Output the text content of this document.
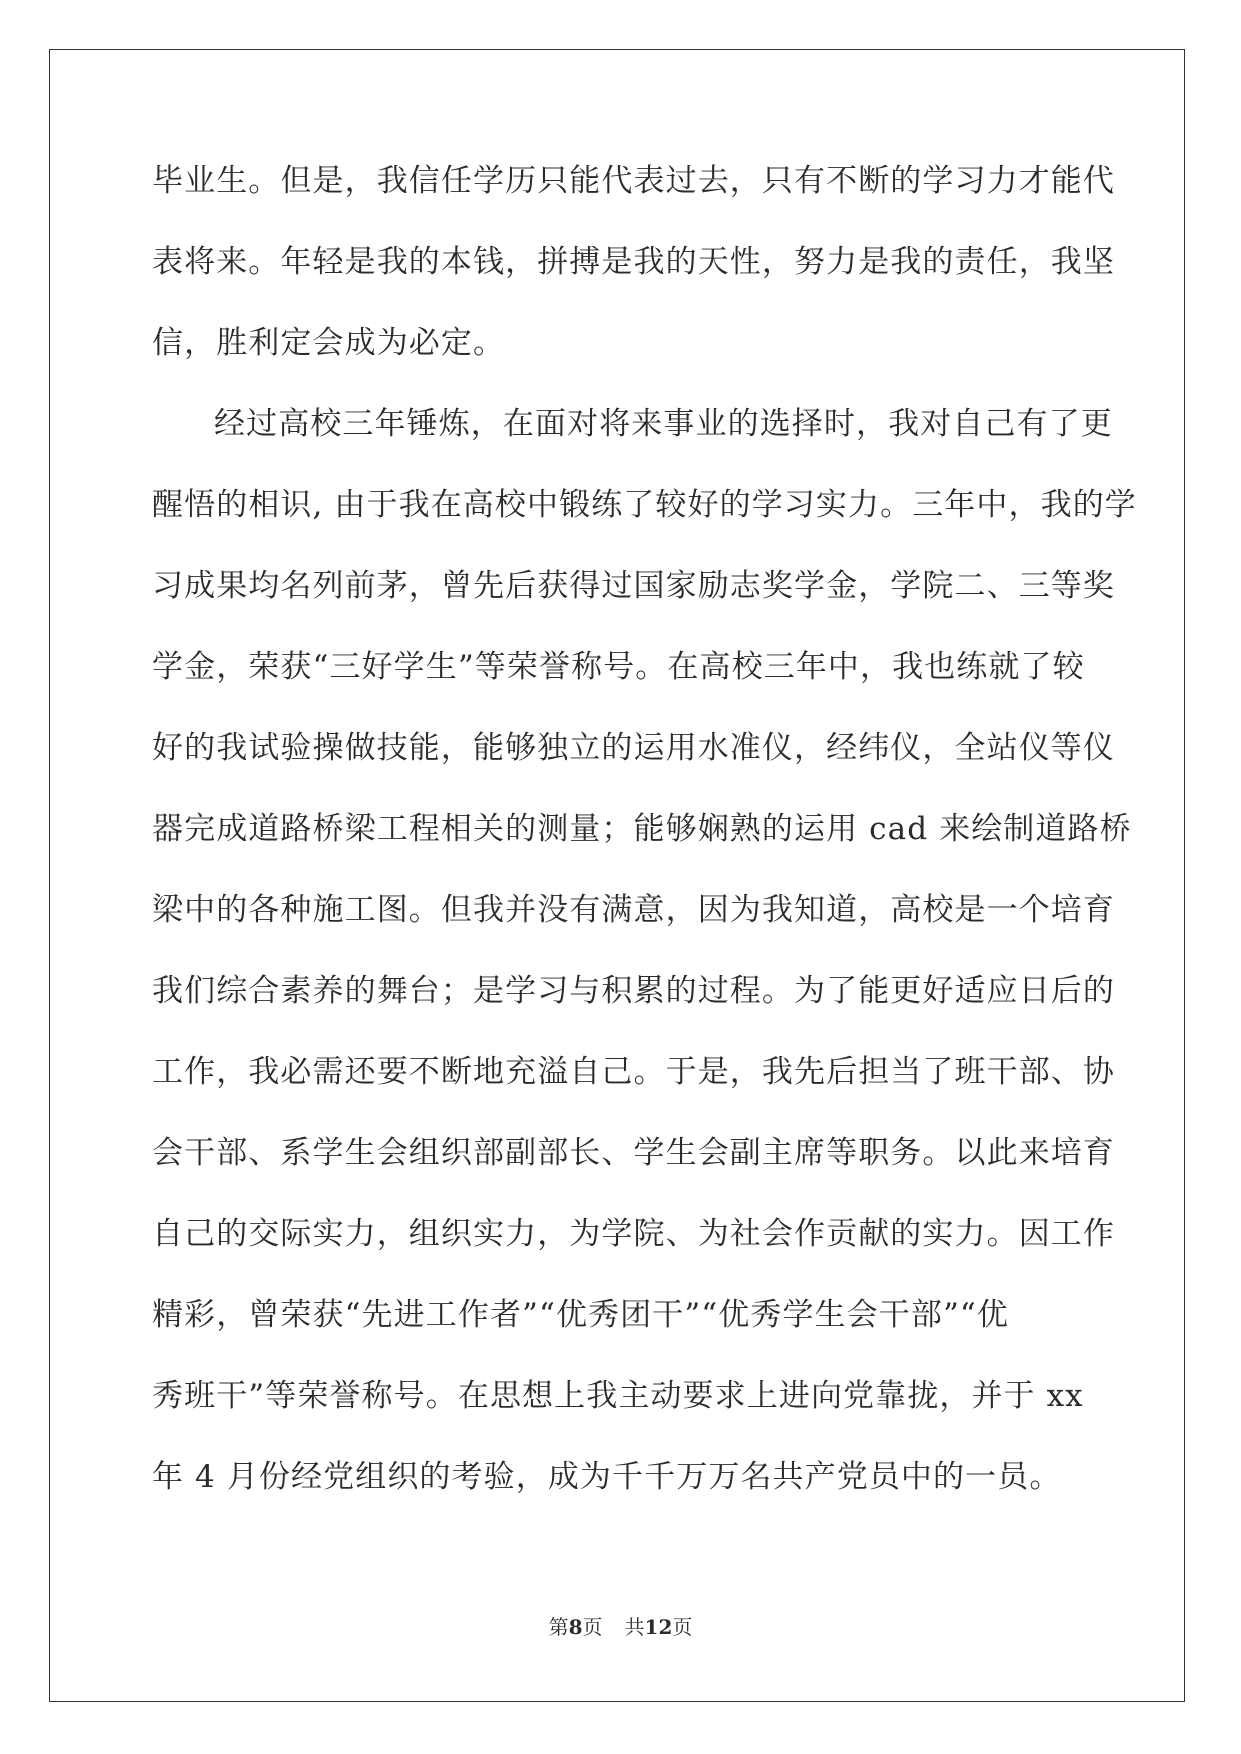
毕业生。但是，我信任学历只能代表过去，只有不断的学习力才能代
表将来。年轻是我的本钱，拼搏是我的天性，努力是我的责任，我坚
信，胜利定会成为必定。
经过高校三年锤炼，在面对将来事业的选择时，我对自己有了更
醒悟的相识, 由于我在高校中锻练了较好的学习实力。三年中，我的学
习成果均名列前茅，曾先后获得过国家励志奖学金，学院二、三等奖
学金，荣获“三好学生”等荣誉称号。在高校三年中，我也练就了较
好的我试验操做技能，能够独立的运用水准仪，经纬仪，全站仪等仪
器完成道路桥梁工程相关的测量；能够娴熟的运用 cad 来绘制道路桥
梁中的各种施工图。但我并没有满意，因为我知道，高校是一个培育
我们综合素养的舞台；是学习与积累的过程。为了能更好适应日后的
工作，我必需还要不断地充溢自己。于是，我先后担当了班干部、协
会干部、系学生会组织部副部长、学生会副主席等职务。以此来培育
自己的交际实力，组织实力，为学院、为社会作贡献的实力。因工作
精彩，曾荣获“先进工作者”“优秀团干”“优秀学生会干部”“优
秀班干”等荣誉称号。在思想上我主动要求上进向党靠拢，并于 xx
年 4 月份经党组织的考验，成为千千万万名共产党员中的一员。
第8页 共12页
